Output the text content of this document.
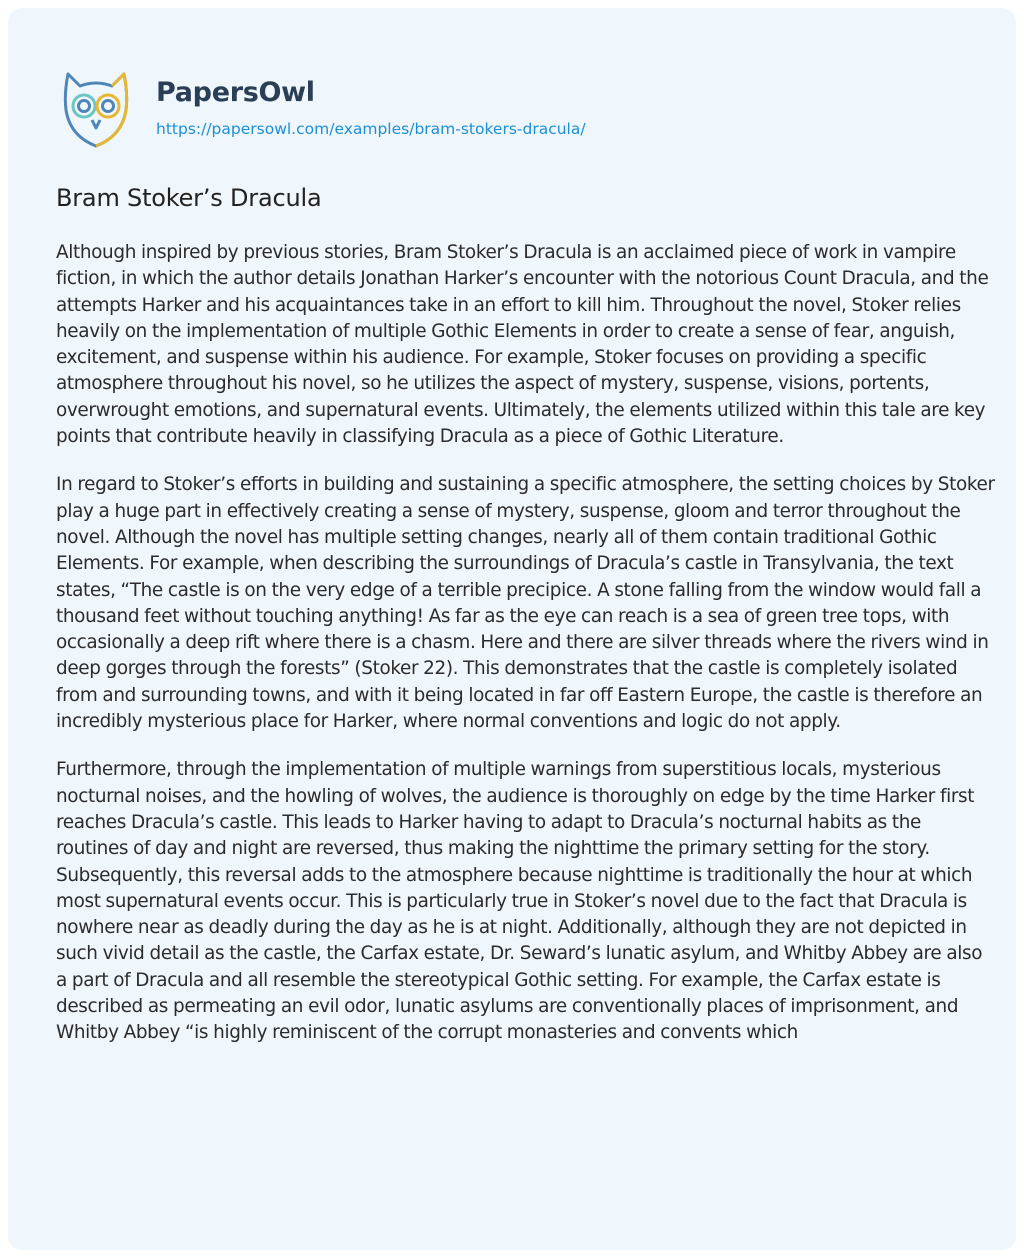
PapersOwl
https://papersowl.com/examples/bram-stokers-dracula/
Bram Stoker’s Dracula

Although inspired by previous stories, Bram Stoker’s Dracula is an acclaimed piece of work in vampire fiction, in which the author details Jonathan Harker’s encounter with the notorious Count Dracula, and the attempts Harker and his acquaintances take in an effort to kill him. Throughout the novel, Stoker relies heavily on the implementation of multiple Gothic Elements in order to create a sense of fear, anguish, excitement, and suspense within his audience. For example, Stoker focuses on providing a specific atmosphere throughout his novel, so he utilizes the aspect of mystery, suspense, visions, portents, overwrought emotions, and supernatural events. Ultimately, the elements utilized within this tale are key points that contribute heavily in classifying Dracula as a piece of Gothic Literature.

In regard to Stoker’s efforts in building and sustaining a specific atmosphere, the setting choices by Stoker play a huge part in effectively creating a sense of mystery, suspense, gloom and terror throughout the novel. Although the novel has multiple setting changes, nearly all of them contain traditional Gothic Elements. For example, when describing the surroundings of Dracula’s castle in Transylvania, the text states, “The castle is on the very edge of a terrible precipice. A stone falling from the window would fall a thousand feet without touching anything! As far as the eye can reach is a sea of green tree tops, with occasionally a deep rift where there is a chasm. Here and there are silver threads where the rivers wind in deep gorges through the forests” (Stoker 22). This demonstrates that the castle is completely isolated from and surrounding towns, and with it being located in far off Eastern Europe, the castle is therefore an incredibly mysterious place for Harker, where normal conventions and logic do not apply.

Furthermore, through the implementation of multiple warnings from superstitious locals, mysterious nocturnal noises, and the howling of wolves, the audience is thoroughly on edge by the time Harker first reaches Dracula’s castle. This leads to Harker having to adapt to Dracula’s nocturnal habits as the routines of day and night are reversed, thus making the nighttime the primary setting for the story. Subsequently, this reversal adds to the atmosphere because nighttime is traditionally the hour at which most supernatural events occur. This is particularly true in Stoker’s novel due to the fact that Dracula is nowhere near as deadly during the day as he is at night. Additionally, although they are not depicted in such vivid detail as the castle, the Carfax estate, Dr. Seward’s lunatic asylum, and Whitby Abbey are also a part of Dracula and all resemble the stereotypical Gothic setting. For example, the Carfax estate is described as permeating an evil odor, lunatic asylums are conventionally places of imprisonment, and Whitby Abbey “is highly reminiscent of the corrupt monasteries and convents which
